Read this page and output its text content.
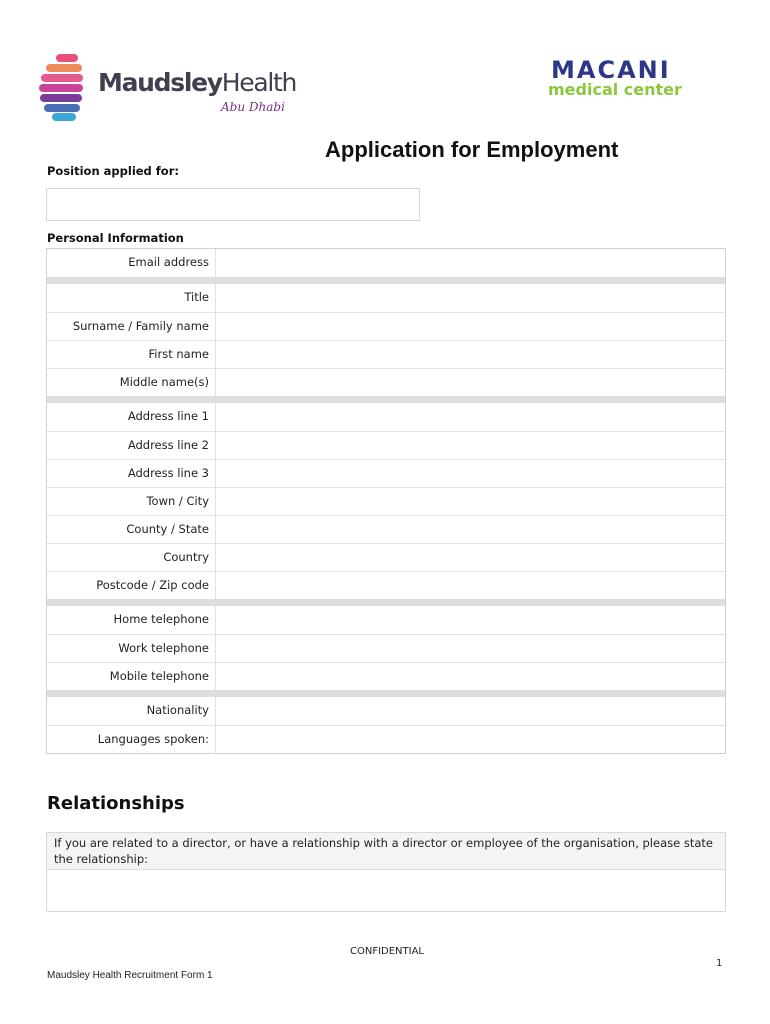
MaudsleyHealth
Abu Dhabi
MACANI
medical center
Application for Employment
Position applied for:
Personal Information
Email address
Title
Surname / Family name
First name
Middle name(s)
Address line 1
Address line 2
Address line 3
Town / City
County / State
Country
Postcode / Zip code
Home telephone
Work telephone
Mobile telephone
Nationality
Languages spoken:
Relationships
If you are related to a director, or have a relationship with a director or employee of the organisation, please state the relationship:
CONFIDENTIAL
1
Maudsley Health Recruitment Form 1
